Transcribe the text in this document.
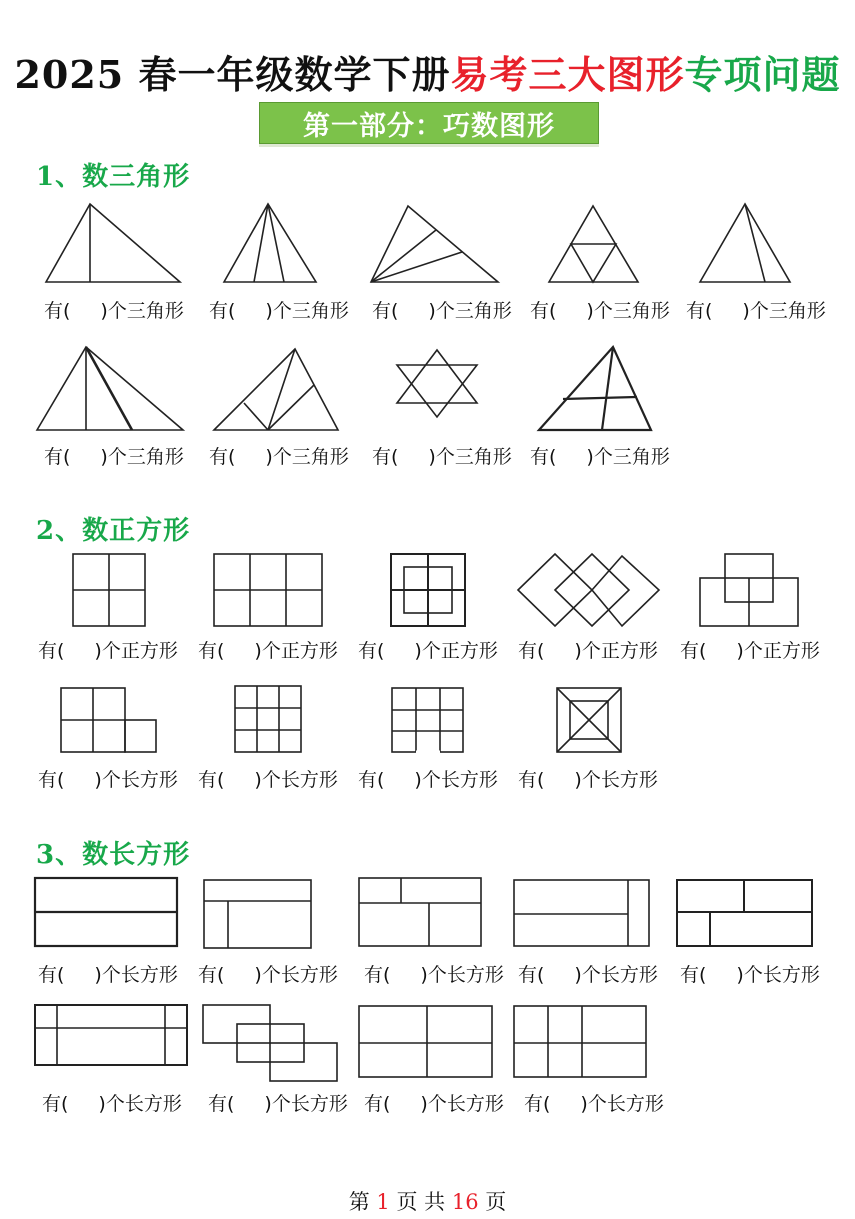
2025 春一年级数学下册易考三大图形专项问题
第一部分：巧数图形
1、数三角形
2、数正方形
3、数长方形
有( )个三角形 有( )个三角形 有( )个三角形 有( )个三角形 有( )个三角形
有( )个三角形 有( )个三角形 有( )个三角形 有( )个三角形
有( )个正方形 有( )个正方形 有( )个正方形 有( )个正方形 有( )个正方形
有( )个长方形 有( )个长方形 有( )个长方形 有( )个长方形
有( )个长方形 有( )个长方形 有( )个长方形 有( )个长方形 有( )个长方形
有( )个长方形 有( )个长方形 有( )个长方形 有( )个长方形
第 1 页 共 16 页
